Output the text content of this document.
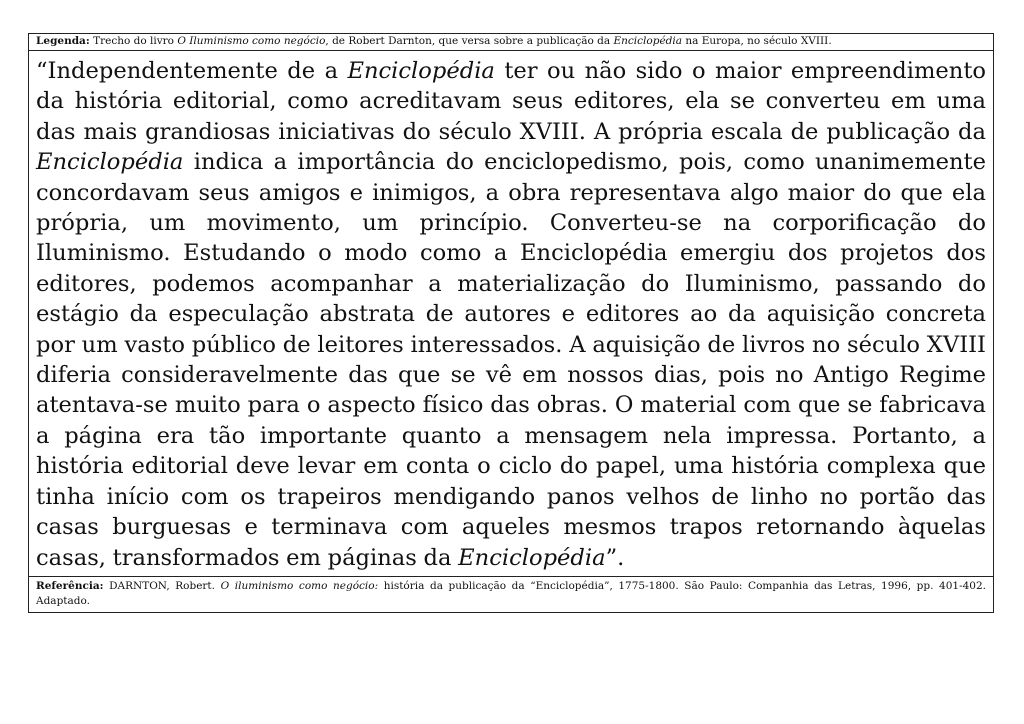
Legenda: Trecho do livro O Iluminismo como negócio, de Robert Darnton, que versa sobre a publicação da Enciclopédia na Europa, no século XVIII.

“Independentemente de a Enciclopédia ter ou não sido o maior empreendimento da história editorial, como acreditavam seus editores, ela se converteu em uma das mais grandiosas iniciativas do século XVIII. A própria escala de publicação da Enciclopédia indica a importância do enciclopedismo, pois, como unanimemente concordavam seus amigos e inimigos, a obra representava algo maior do que ela própria, um movimento, um princípio. Converteu-se na corporificação do Iluminismo. Estudando o modo como a Enciclopédia emergiu dos projetos dos editores, podemos acompanhar a materialização do Iluminismo, passando do estágio da especulação abstrata de autores e editores ao da aquisição concreta por um vasto público de leitores interessados. A aquisição de livros no século XVIII diferia consideravelmente das que se vê em nossos dias, pois no Antigo Regime atentava-se muito para o aspecto físico das obras. O material com que se fabricava a página era tão importante quanto a mensagem nela impressa. Portanto, a história editorial deve levar em conta o ciclo do papel, uma história complexa que tinha início com os trapeiros mendigando panos velhos de linho no portão das casas burguesas e terminava com aqueles mesmos trapos retornando àquelas casas, transformados em páginas da Enciclopédia”.

Referência: DARNTON, Robert. O iluminismo como negócio: história da publicação da “Enciclopédia”, 1775-1800. São Paulo: Companhia das Letras, 1996, pp. 401-402. Adaptado.
